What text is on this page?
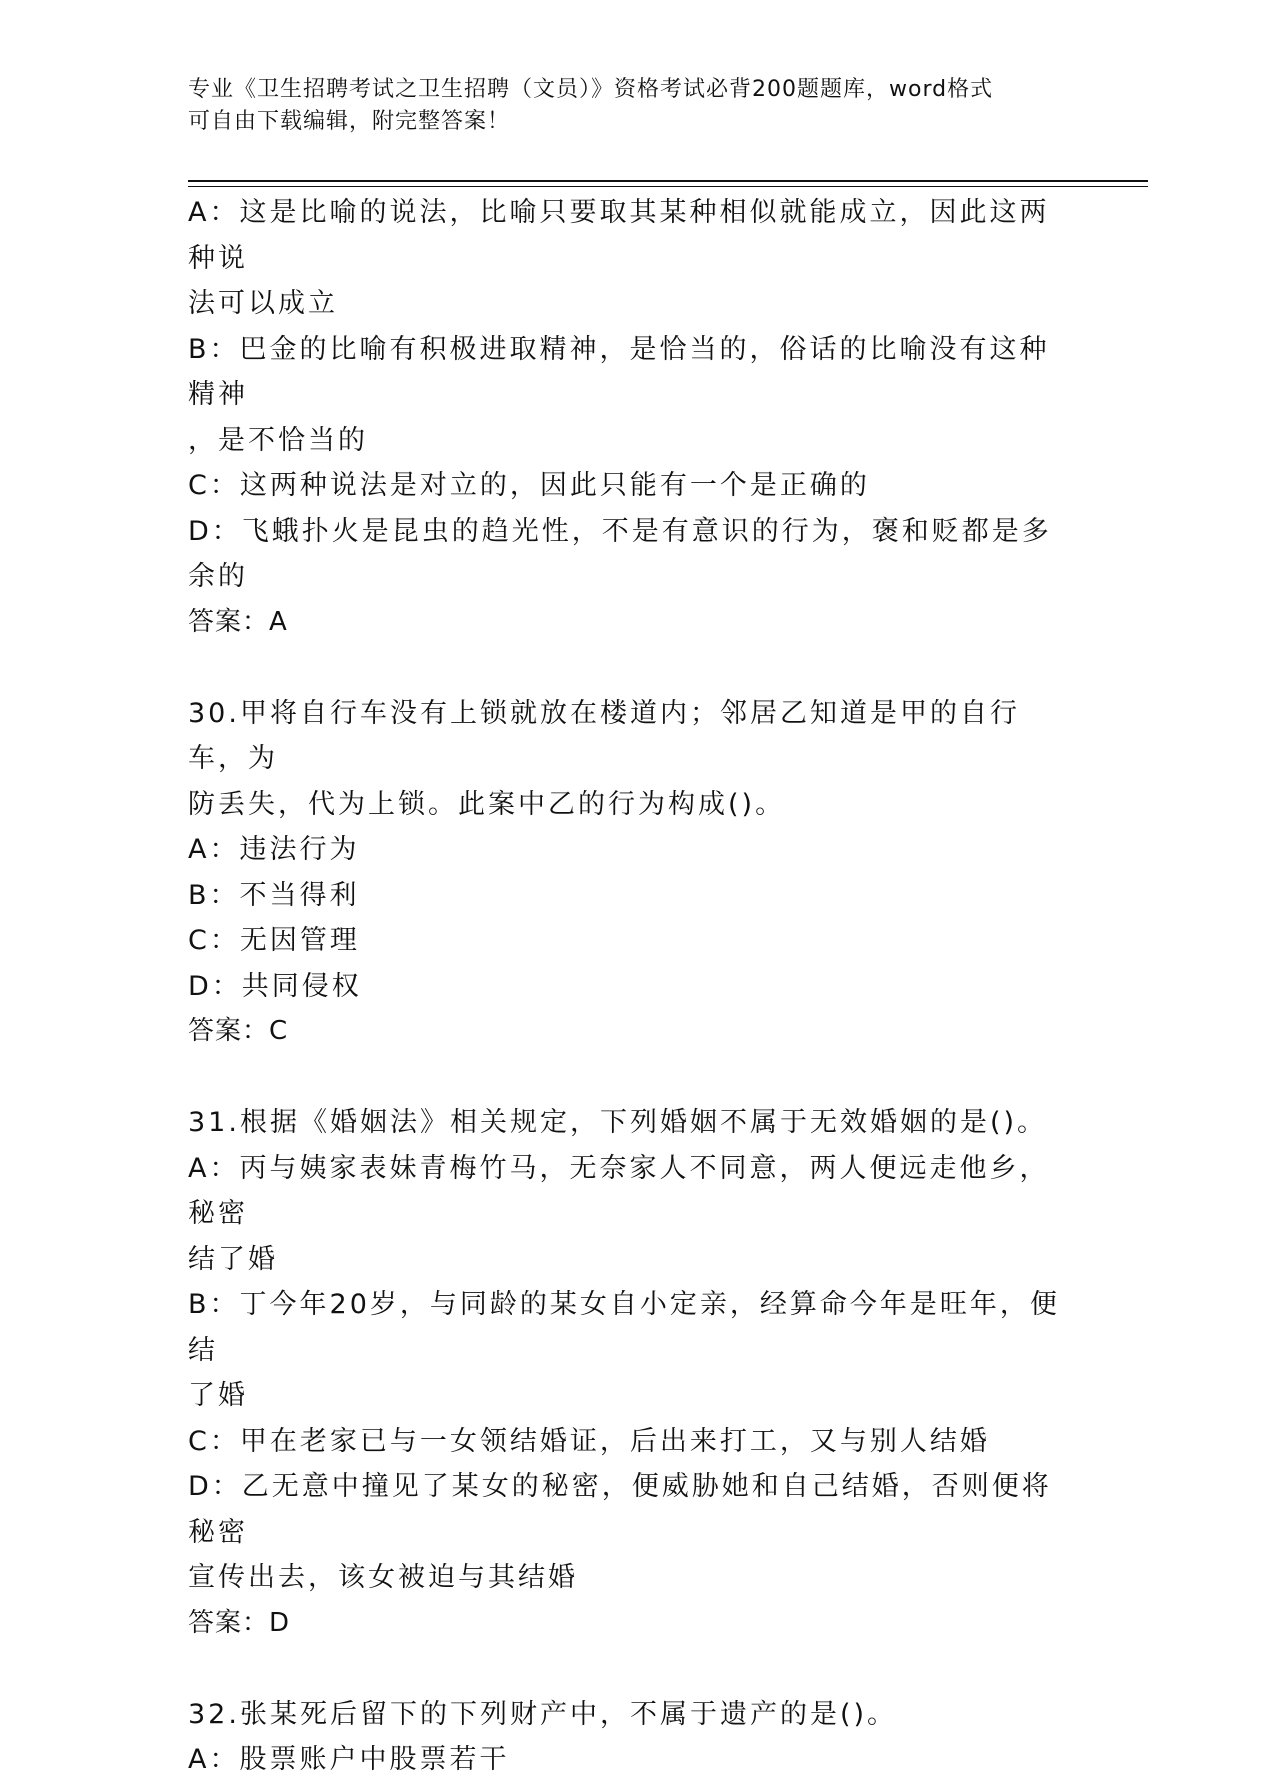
专业《卫生招聘考试之卫生招聘（文员）》资格考试必背200题题库，word格式
可自由下载编辑，附完整答案！
A：这是比喻的说法，比喻只要取其某种相似就能成立，因此这两种说
法可以成立
B：巴金的比喻有积极进取精神，是恰当的，俗话的比喻没有这种精神
，是不恰当的
C：这两种说法是对立的，因此只能有一个是正确的
D：飞蛾扑火是昆虫的趋光性，不是有意识的行为，褒和贬都是多余的
答案：A
30.甲将自行车没有上锁就放在楼道内；邻居乙知道是甲的自行车，为
防丢失，代为上锁。此案中乙的行为构成()。
A：违法行为
B：不当得利
C：无因管理
D：共同侵权
答案：C
31.根据《婚姻法》相关规定，下列婚姻不属于无效婚姻的是()。
A：丙与姨家表妹青梅竹马，无奈家人不同意，两人便远走他乡，秘密
结了婚
B：丁今年20岁，与同龄的某女自小定亲，经算命今年是旺年，便结
了婚
C：甲在老家已与一女领结婚证，后出来打工，又与别人结婚
D：乙无意中撞见了某女的秘密，便威胁她和自己结婚，否则便将秘密
宣传出去，该女被迫与其结婚
答案：D
32.张某死后留下的下列财产中，不属于遗产的是()。
A：股票账户中股票若干
